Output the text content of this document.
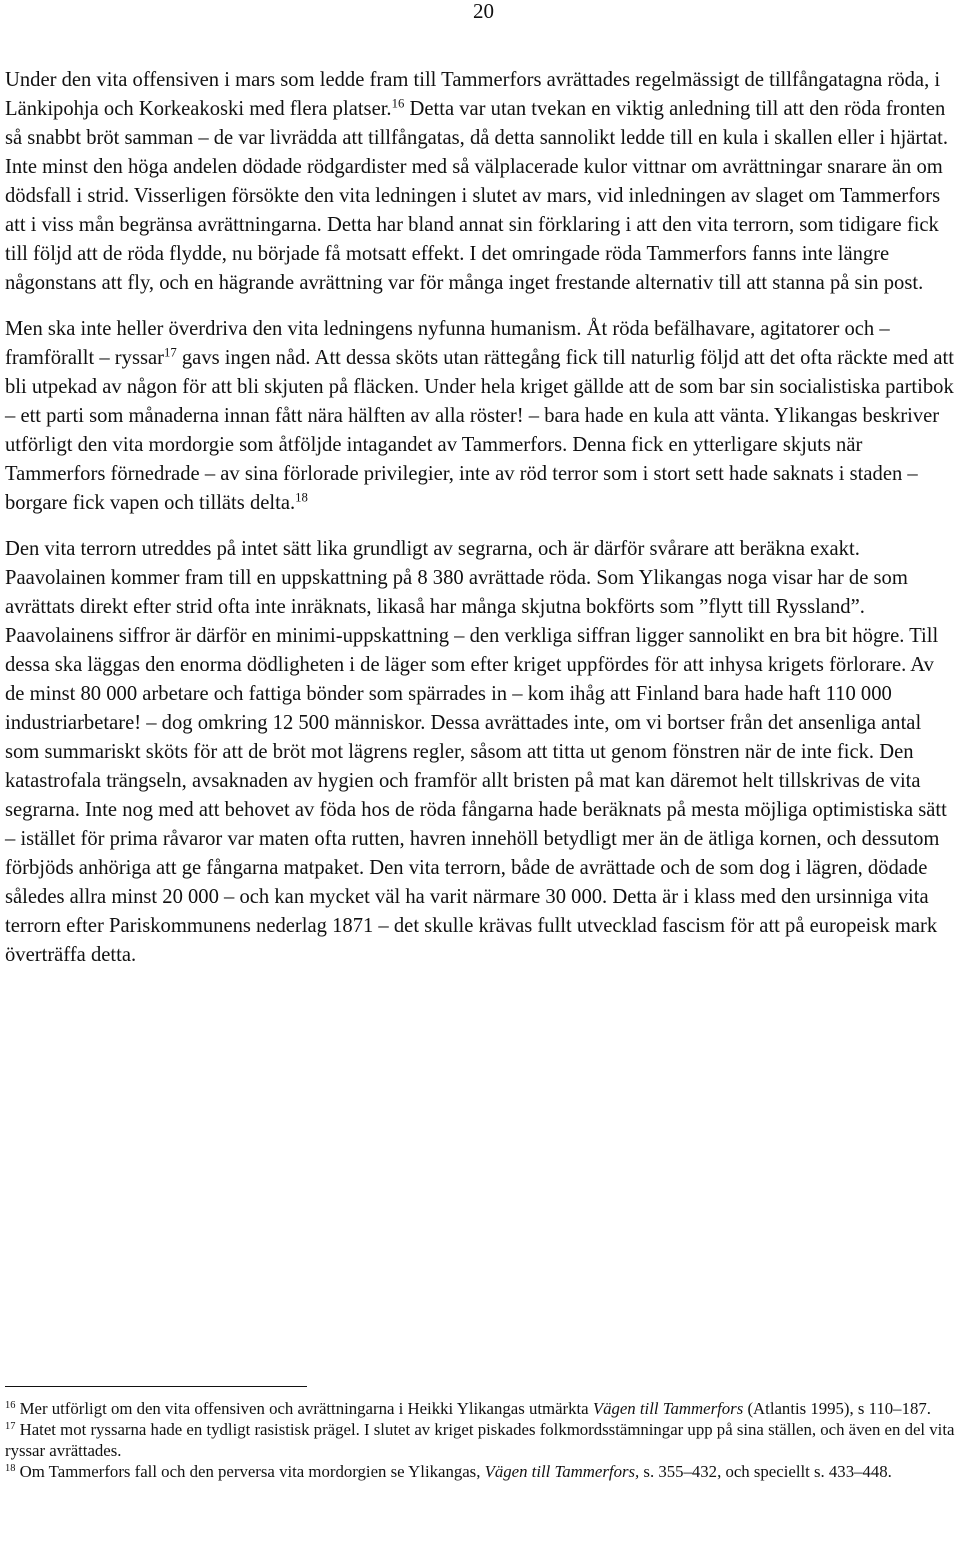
20

Under den vita offensiven i mars som ledde fram till Tammerfors avrättades regelmässigt de tillfångatagna röda, i Länkipohja och Korkeakoski med flera platser.$^{16}$ Detta var utan tvekan en viktig anledning till att den röda fronten så snabbt bröt samman – de var livrädda att tillfångatas, då detta sannolikt ledde till en kula i skallen eller i hjärtat. Inte minst den höga andelen dödade rödgardister med så välplacerade kulor vittnar om avrättningar snarare än om dödsfall i strid. Visserligen försökte den vita ledningen i slutet av mars, vid inledningen av slaget om Tammerfors att i viss mån begränsa avrättningarna. Detta har bland annat sin förklaring i att den vita terrorn, som tidigare fick till följd att de röda flydde, nu började få motsatt effekt. I det omringade röda Tammerfors fanns inte längre någonstans att fly, och en hägrande avrättning var för många inget frestande alternativ till att stanna på sin post.

Men ska inte heller överdriva den vita ledningens nyfunna humanism. Åt röda befälhavare, agitatorer och – framförallt – ryssar$^{17}$ gavs ingen nåd. Att dessa sköts utan rättegång fick till naturlig följd att det ofta räckte med att bli utpekad av någon för att bli skjuten på fläcken. Under hela kriget gällde att de som bar sin socialistiska partibok – ett parti som månaderna innan fått nära hälften av alla röster! – bara hade en kula att vänta. Ylikangas beskriver utförligt den vita mordorgie som åtföljde intagandet av Tammerfors. Denna fick en ytterligare skjuts när Tammerfors förnedrade – av sina förlorade privilegier, inte av röd terror som i stort sett hade saknats i staden – borgare fick vapen och tilläts delta.$^{18}$

Den vita terrorn utreddes på intet sätt lika grundligt av segrarna, och är därför svårare att beräkna exakt. Paavolainen kommer fram till en uppskattning på 8 380 avrättade röda. Som Ylikangas noga visar har de som avrättats direkt efter strid ofta inte inräknats, likaså har många skjutna bokförts som ”flytt till Ryssland”. Paavolainens siffror är därför en minimi-uppskattning – den verkliga siffran ligger sannolikt en bra bit högre. Till dessa ska läggas den enorma dödligheten i de läger som efter kriget uppfördes för att inhysa krigets förlorare. Av de minst 80 000 arbetare och fattiga bönder som spärrades in – kom ihåg att Finland bara hade haft 110 000 industriarbetare! – dog omkring 12 500 människor. Dessa avrättades inte, om vi bortser från det ansenliga antal som summariskt sköts för att de bröt mot lägrens regler, såsom att titta ut genom fönstren när de inte fick. Den katastrofala trängseln, avsaknaden av hygien och framför allt bristen på mat kan däremot helt tillskrivas de vita segrarna. Inte nog med att behovet av föda hos de röda fångarna hade beräknats på mesta möjliga optimistiska sätt – istället för prima råvaror var maten ofta rutten, havren innehöll betydligt mer än de ätliga kornen, och dessutom förbjöds anhöriga att ge fångarna matpaket. Den vita terrorn, både de avrättade och de som dog i lägren, dödade således allra minst 20 000 – och kan mycket väl ha varit närmare 30 000. Detta är i klass med den ursinniga vita terrorn efter Pariskommunens nederlag 1871 – det skulle krävas fullt utvecklad fascism för att på europeisk mark överträffa detta.

$^{16}$ Mer utförligt om den vita offensiven och avrättningarna i Heikki Ylikangas utmärkta Vägen till Tammerfors (Atlantis 1995), s 110–187.

$^{17}$ Hatet mot ryssarna hade en tydligt rasistisk prägel. I slutet av kriget piskades folkmordsstämningar upp på sina ställen, och även en del vita ryssar avrättades.

$^{18}$ Om Tammerfors fall och den perversa vita mordorgien se Ylikangas, Vägen till Tammerfors, s. 355–432, och speciellt s. 433–448.
